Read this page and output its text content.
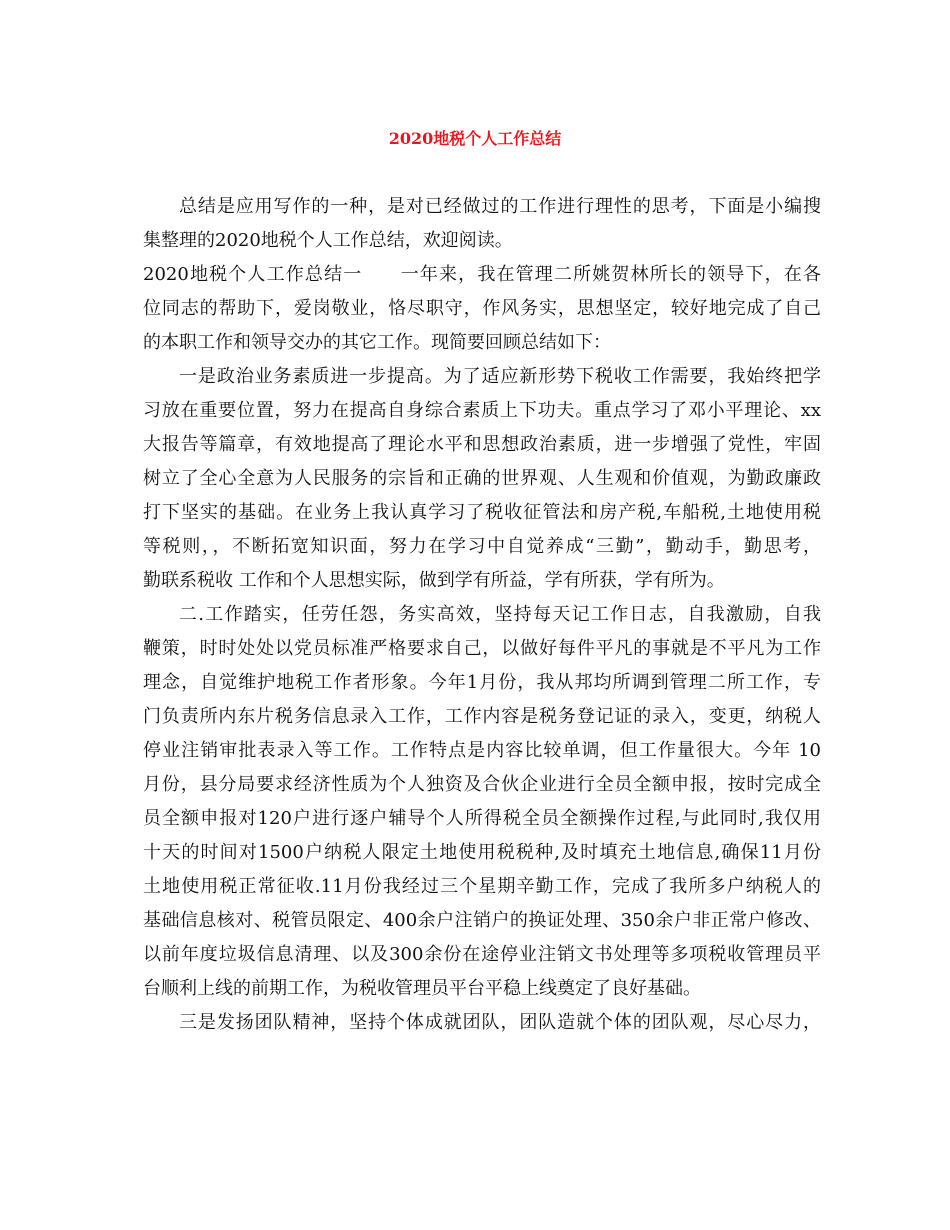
2020地税个人工作总结
总结是应用写作的一种，是对已经做过的工作进行理性的思考，下面是小编搜
集整理的2020地税个人工作总结，欢迎阅读。
2020地税个人工作总结一　　一年来，我在管理二所姚贺林所长的领导下，在各
位同志的帮助下，爱岗敬业，恪尽职守，作风务实，思想坚定，较好地完成了自己
的本职工作和领导交办的其它工作。现简要回顾总结如下：
一是政治业务素质进一步提高。为了适应新形势下税收工作需要，我始终把学
习放在重要位置，努力在提高自身综合素质上下功夫。重点学习了邓小平理论、xx
大报告等篇章，有效地提高了理论水平和思想政治素质，进一步增强了党性，牢固
树立了全心全意为人民服务的宗旨和正确的世界观、人生观和价值观，为勤政廉政
打下坚实的基础。在业务上我认真学习了税收征管法和房产税,车船税,土地使用税
等税则，，不断拓宽知识面，努力在学习中自觉养成“三勤”，勤动手，勤思考，
勤联系税收 工作和个人思想实际，做到学有所益，学有所获，学有所为。
二.工作踏实，任劳任怨，务实高效，坚持每天记工作日志，自我激励，自我
鞭策，时时处处以党员标准严格要求自己，以做好每件平凡的事就是不平凡为工作
理念，自觉维护地税工作者形象。今年1月份，我从邦均所调到管理二所工作，专
门负责所内东片税务信息录入工作，工作内容是税务登记证的录入，变更，纳税人
停业注销审批表录入等工作。工作特点是内容比较单调，但工作量很大。今年 10
月份，县分局要求经济性质为个人独资及合伙企业进行全员全额申报，按时完成全
员全额申报对120户进行逐户辅导个人所得税全员全额操作过程,与此同时,我仅用
十天的时间对1500户纳税人限定土地使用税税种,及时填充土地信息,确保11月份
土地使用税正常征收.11月份我经过三个星期辛勤工作，完成了我所多户纳税人的
基础信息核对、税管员限定、400余户注销户的换证处理、350余户非正常户修改、
以前年度垃圾信息清理、以及300余份在途停业注销文书处理等多项税收管理员平
台顺利上线的前期工作，为税收管理员平台平稳上线奠定了良好基础。
三是发扬团队精神，坚持个体成就团队，团队造就个体的团队观，尽心尽力，
